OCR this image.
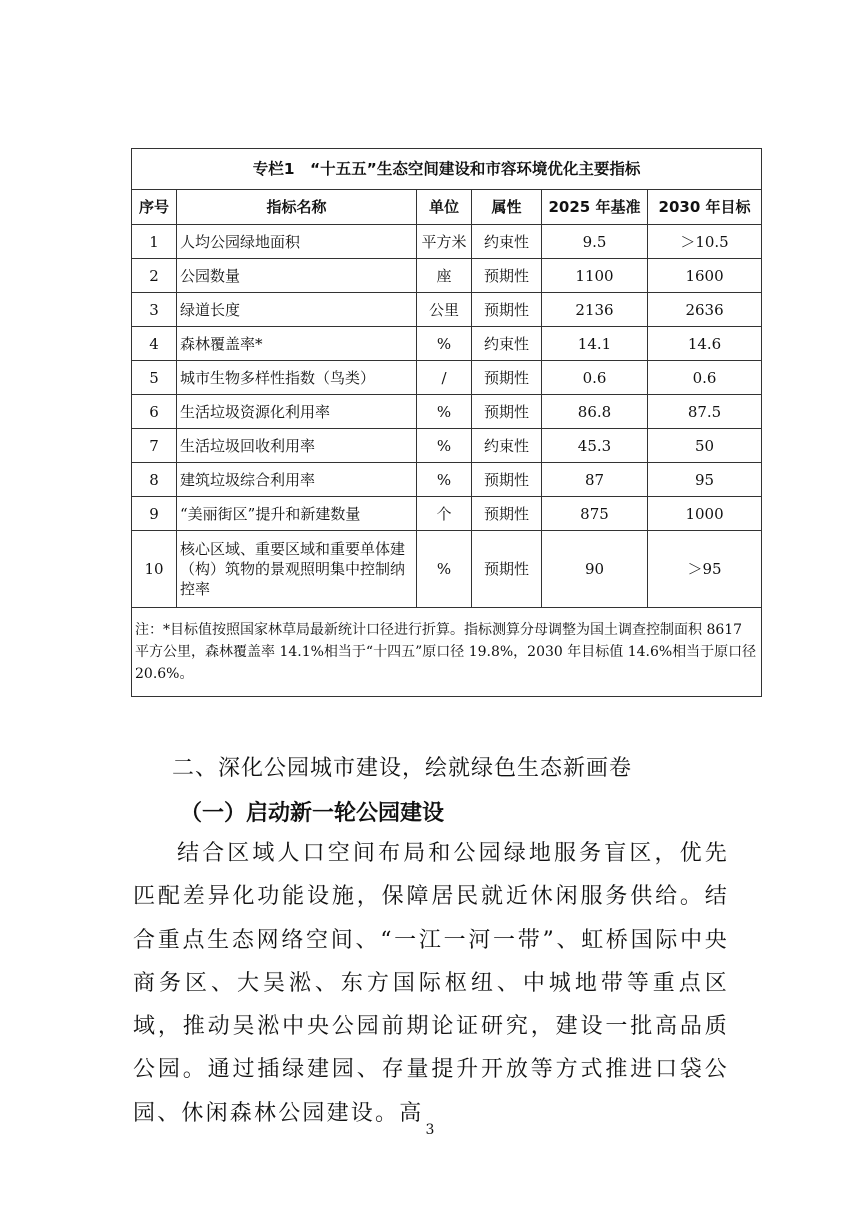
专栏1　“十五五”生态空间建设和市容环境优化主要指标					
序号	指标名称	单位	属性	2025 年基准	2030 年目标
1	人均公园绿地面积	平方米	约束性	9.5	＞10.5
2	公园数量	座	预期性	1100	1600
3	绿道长度	公里	预期性	2136	2636
4	森林覆盖率*	%	约束性	14.1	14.6
5	城市生物多样性指数（鸟类）	/	预期性	0.6	0.6
6	生活垃圾资源化利用率	%	预期性	86.8	87.5
7	生活垃圾回收利用率	%	约束性	45.3	50
8	建筑垃圾综合利用率	%	预期性	87	95
9	“美丽街区”提升和新建数量	个	预期性	875	1000
10	核心区域、重要区域和重要单体建（构）筑物的景观照明集中控制纳控率	%	预期性	90	＞95
注：*目标值按照国家林草局最新统计口径进行折算。指标测算分母调整为国土调查控制面积 8617 平方公里，森林覆盖率 14.1%相当于“十四五”原口径 19.8%，2030 年目标值 14.6%相当于原口径 20.6%。					
二、深化公园城市建设，绘就绿色生态新画卷
（一）启动新一轮公园建设

结合区域人口空间布局和公园绿地服务盲区，优先匹配差异化功能设施，保障居民就近休闲服务供给。结合重点生态网络空间、“一江一河一带”、虹桥国际中央商务区、大吴淞、东方国际枢纽、中城地带等重点区域，推动吴淞中央公园前期论证研究，建设一批高品质公园。通过插绿建园、存量提升开放等方式推进口袋公园、休闲森林公园建设。高

3
